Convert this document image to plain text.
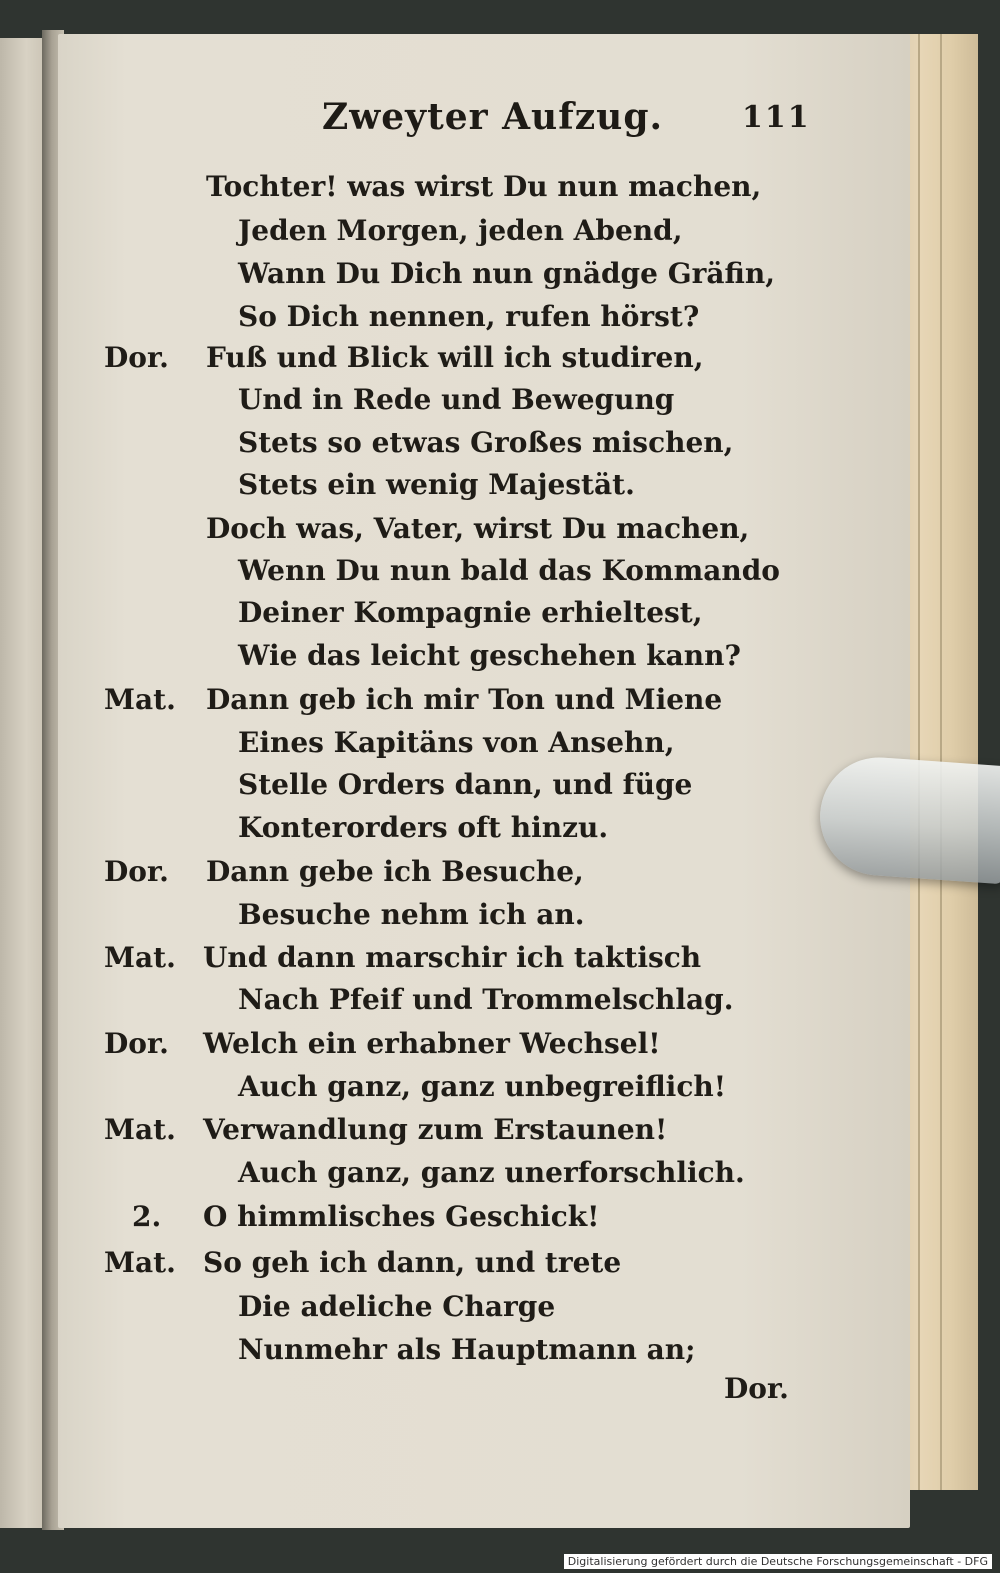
Zweyter Aufzug.	111
Tochter! was wirst Du nun machen,
Jeden Morgen, jeden Abend,
Wann Du Dich nun gnädge Gräfin,
So Dich nennen, rufen hörst?
Dor. Fuß und Blick will ich studiren,
Und in Rede und Bewegung
Stets so etwas Großes mischen,
Stets ein wenig Majestät.
Doch was, Vater, wirst Du machen,
Wenn Du nun bald das Kommando
Deiner Kompagnie erhieltest,
Wie das leicht geschehen kann?
Mat. Dann geb ich mir Ton und Miene
Eines Kapitäns von Ansehn,
Stelle Orders dann, und füge
Konterorders oft hinzu.
Dor. Dann gebe ich Besuche,
Besuche nehm ich an.
Mat. Und dann marschir ich taktisch
Nach Pfeif und Trommelschlag.
Dor. Welch ein erhabner Wechsel!
Auch ganz, ganz unbegreiflich!
Mat. Verwandlung zum Erstaunen!
Auch ganz, ganz unerforschlich.
2. O himmlisches Geschick!
Mat. So geh ich dann, und trete
Die adeliche Charge
Nunmehr als Hauptmann an;
Dor.
Digitalisierung gefördert durch die Deutsche Forschungsgemeinschaft - DFG
